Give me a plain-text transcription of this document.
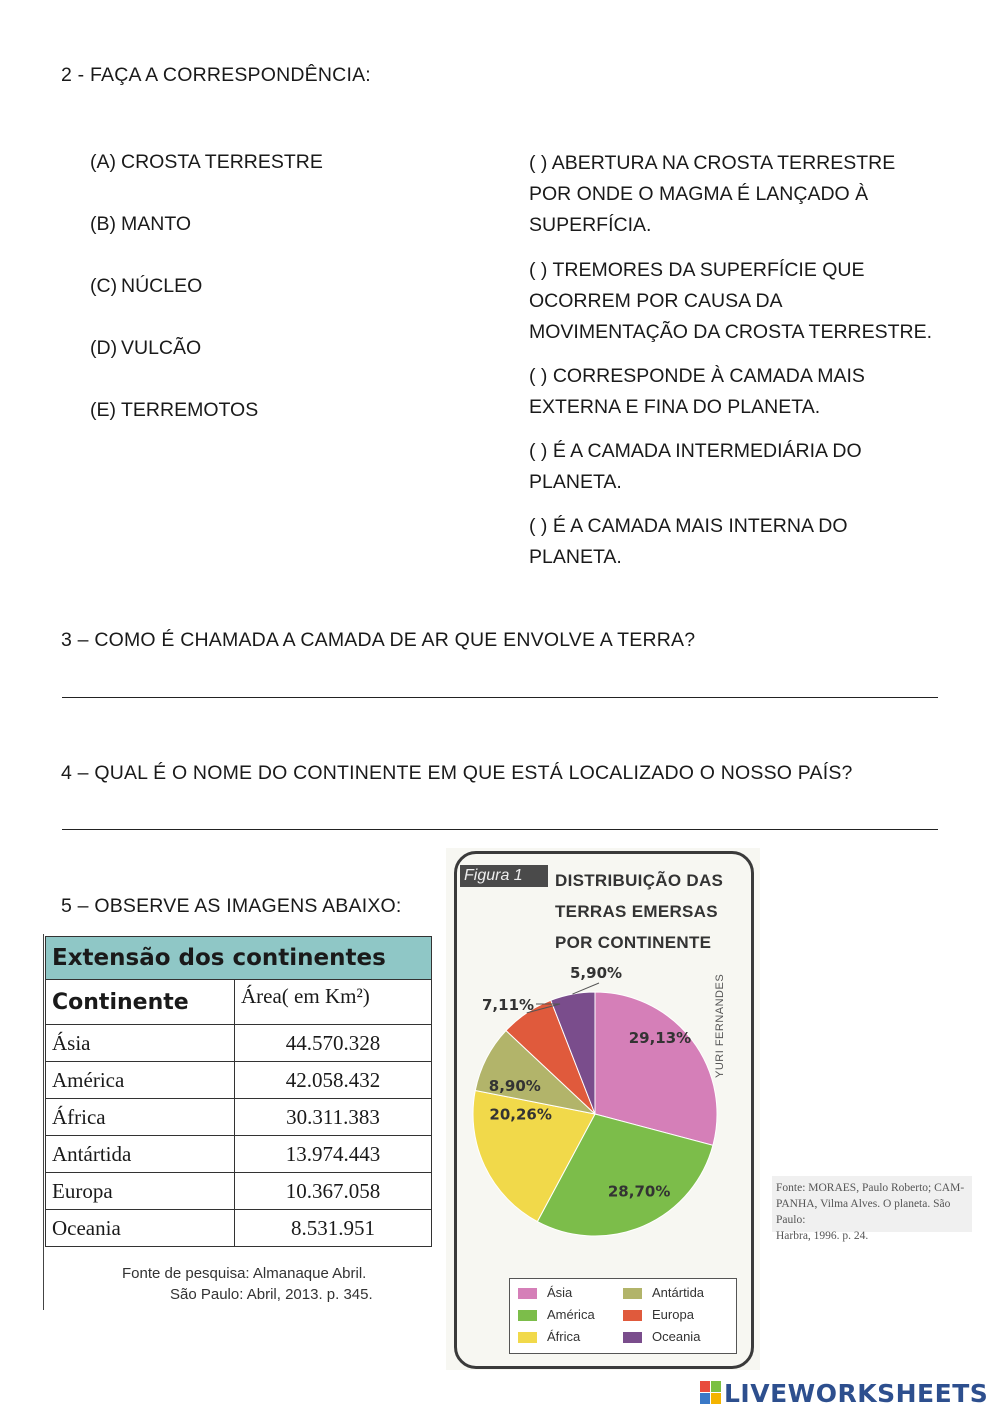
2 - FAÇA A CORRESPONDÊNCIA:
(A) CROSTA TERRESTRE
(B) MANTO
(C) NÚCLEO
(D) VULCÃO
(E) TERREMOTOS
( ) ABERTURA NA CROSTA TERRESTRE
POR ONDE O MAGMA É LANÇADO À
SUPERFÍCIA.
( ) TREMORES DA SUPERFÍCIE QUE
OCORREM POR CAUSA DA
MOVIMENTAÇÃO DA CROSTA TERRESTRE.
( ) CORRESPONDE À CAMADA MAIS
EXTERNA E FINA DO PLANETA.
( ) É A CAMADA INTERMEDIÁRIA DO
PLANETA.
( ) É A CAMADA MAIS INTERNA DO
PLANETA.
3 – COMO É CHAMADA A CAMADA DE AR QUE ENVOLVE A TERRA?
4 – QUAL É O NOME DO CONTINENTE EM QUE ESTÁ LOCALIZADO O NOSSO PAÍS?
5 – OBSERVE AS IMAGENS ABAIXO:
Extensão dos continentes	
Continente	Área( em Km²)
Ásia	44.570.328
América	42.058.432
África	30.311.383
Antártida	13.974.443
Europa	10.367.058
Oceania	8.531.951
Fonte de pesquisa: Almanaque Abril.
São Paulo: Abril, 2013. p. 345.
Figura 1	DISTRIBUIÇÃO DAS
TERRAS EMERSAS
POR CONTINENTE
29,13%
28,70%
20,26%
8,90%
7,11%
5,90%
YURI FERNANDES
Ásia
América
África
Antártida
Europa
Oceania
Fonte: MORAES, Paulo Roberto; CAM-
PANHA, Vilma Alves. O planeta. São Paulo:
Harbra, 1996. p. 24.
LIVEWORKSHEETS
